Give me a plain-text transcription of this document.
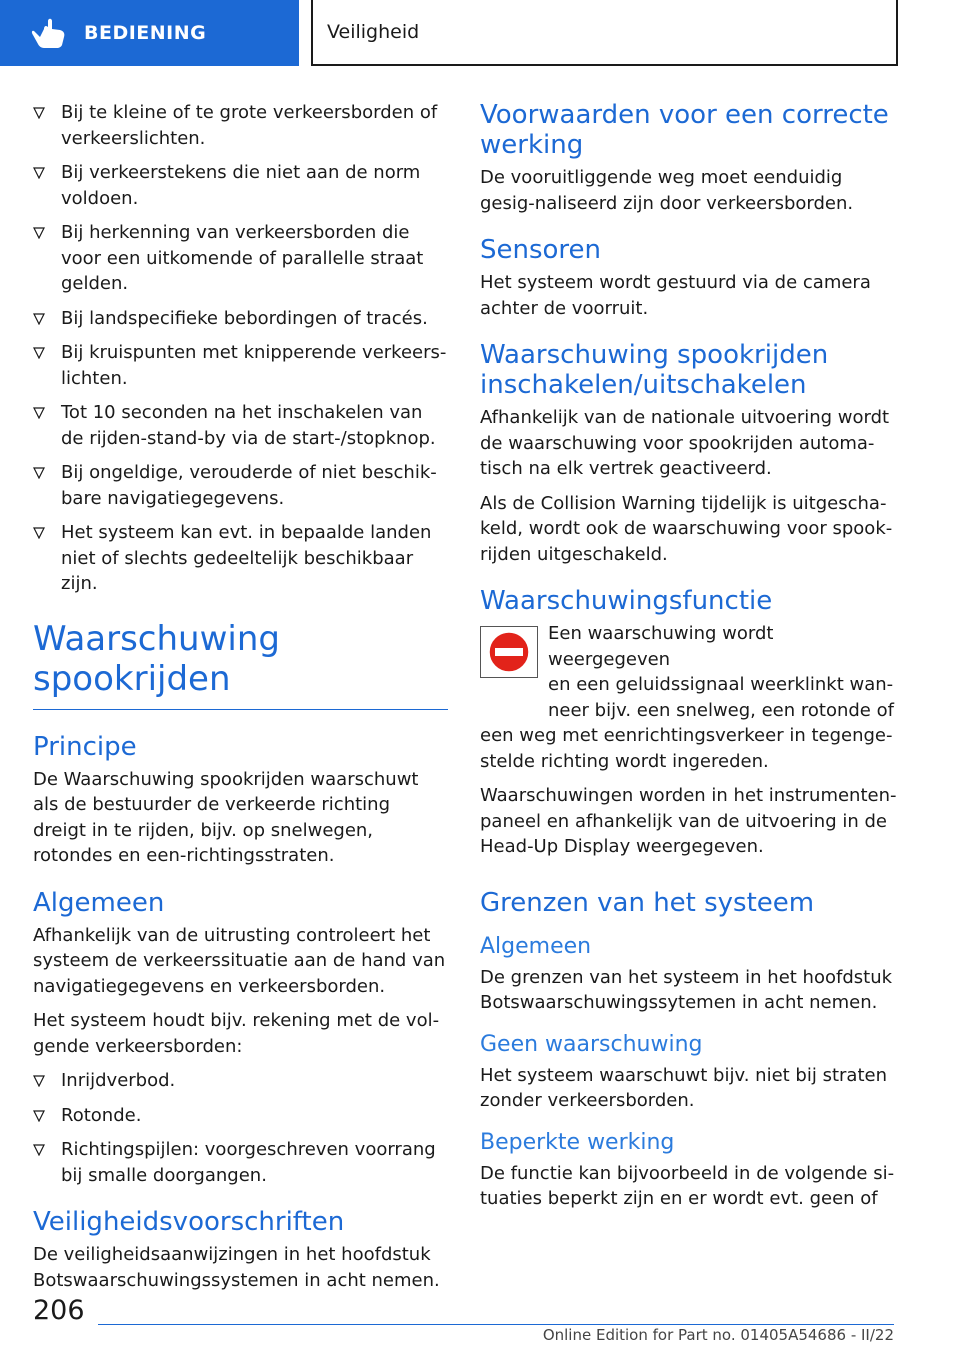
BEDIENING	Veiligheid
Bij te kleine of te grote verkeersborden of verkeerslichten.
Bij verkeerstekens die niet aan de norm voldoen.
Bij herkenning van verkeersborden die voor een uitkomende of parallelle straat gelden.
Bij landspecifieke bebordingen of tracés.
Bij kruispunten met knipperende verkeers-lichten.
Tot 10 seconden na het inschakelen van de rijden-stand-by via de start-/stopknop.
Bij ongeldige, verouderde of niet beschik-bare navigatiegegevens.
Het systeem kan evt. in bepaalde landen niet of slechts gedeeltelijk beschikbaar zijn.
Waarschuwing spookrijden
Principe

De Waarschuwing spookrijden waarschuwt als de bestuurder de verkeerde richting dreigt in te rijden, bijv. op snelwegen, rotondes en een-richtingsstraten.

Algemeen

Afhankelijk van de uitrusting controleert het systeem de verkeerssituatie aan de hand van navigatiegegevens en verkeersborden.

Het systeem houdt bijv. rekening met de vol-gende verkeersborden:

Inrijdverbod.
Rotonde.
Richtingspijlen: voorgeschreven voorrang bij smalle doorgangen.
Veiligheidsvoorschriften

De veiligheidsaanwijzingen in het hoofdstuk Botswaarschuwingssystemen in acht nemen.

Voorwaarden voor een correcte werking

De vooruitliggende weg moet eenduidig gesig-naliseerd zijn door verkeersborden.

Sensoren

Het systeem wordt gestuurd via de camera achter de voorruit.

Waarschuwing spookrijden inschakelen/uitschakelen

Afhankelijk van de nationale uitvoering wordt de waarschuwing voor spookrijden automa-tisch na elk vertrek geactiveerd.

Als de Collision Warning tijdelijk is uitgescha-keld, wordt ook de waarschuwing voor spook-rijden uitgeschakeld.

Waarschuwingsfunctie

Een waarschuwing wordt weergegeven
en een geluidssignaal weerklinkt wan-
neer bijv. een snelweg, een rotonde of
een weg met eenrichtingsverkeer in tegenge-stelde richting wordt ingereden.

Waarschuwingen worden in het instrumenten-paneel en afhankelijk van de uitvoering in de Head-Up Display weergegeven.

Grenzen van het systeem
Algemeen

De grenzen van het systeem in het hoofdstuk Botswaarschuwingssytemen in acht nemen.

Geen waarschuwing

Het systeem waarschuwt bijv. niet bij straten zonder verkeersborden.

Beperkte werking

De functie kan bijvoorbeeld in de volgende si-tuaties beperkt zijn en er wordt evt. geen of

206
Online Edition for Part no. 01405A54686 - II/22
